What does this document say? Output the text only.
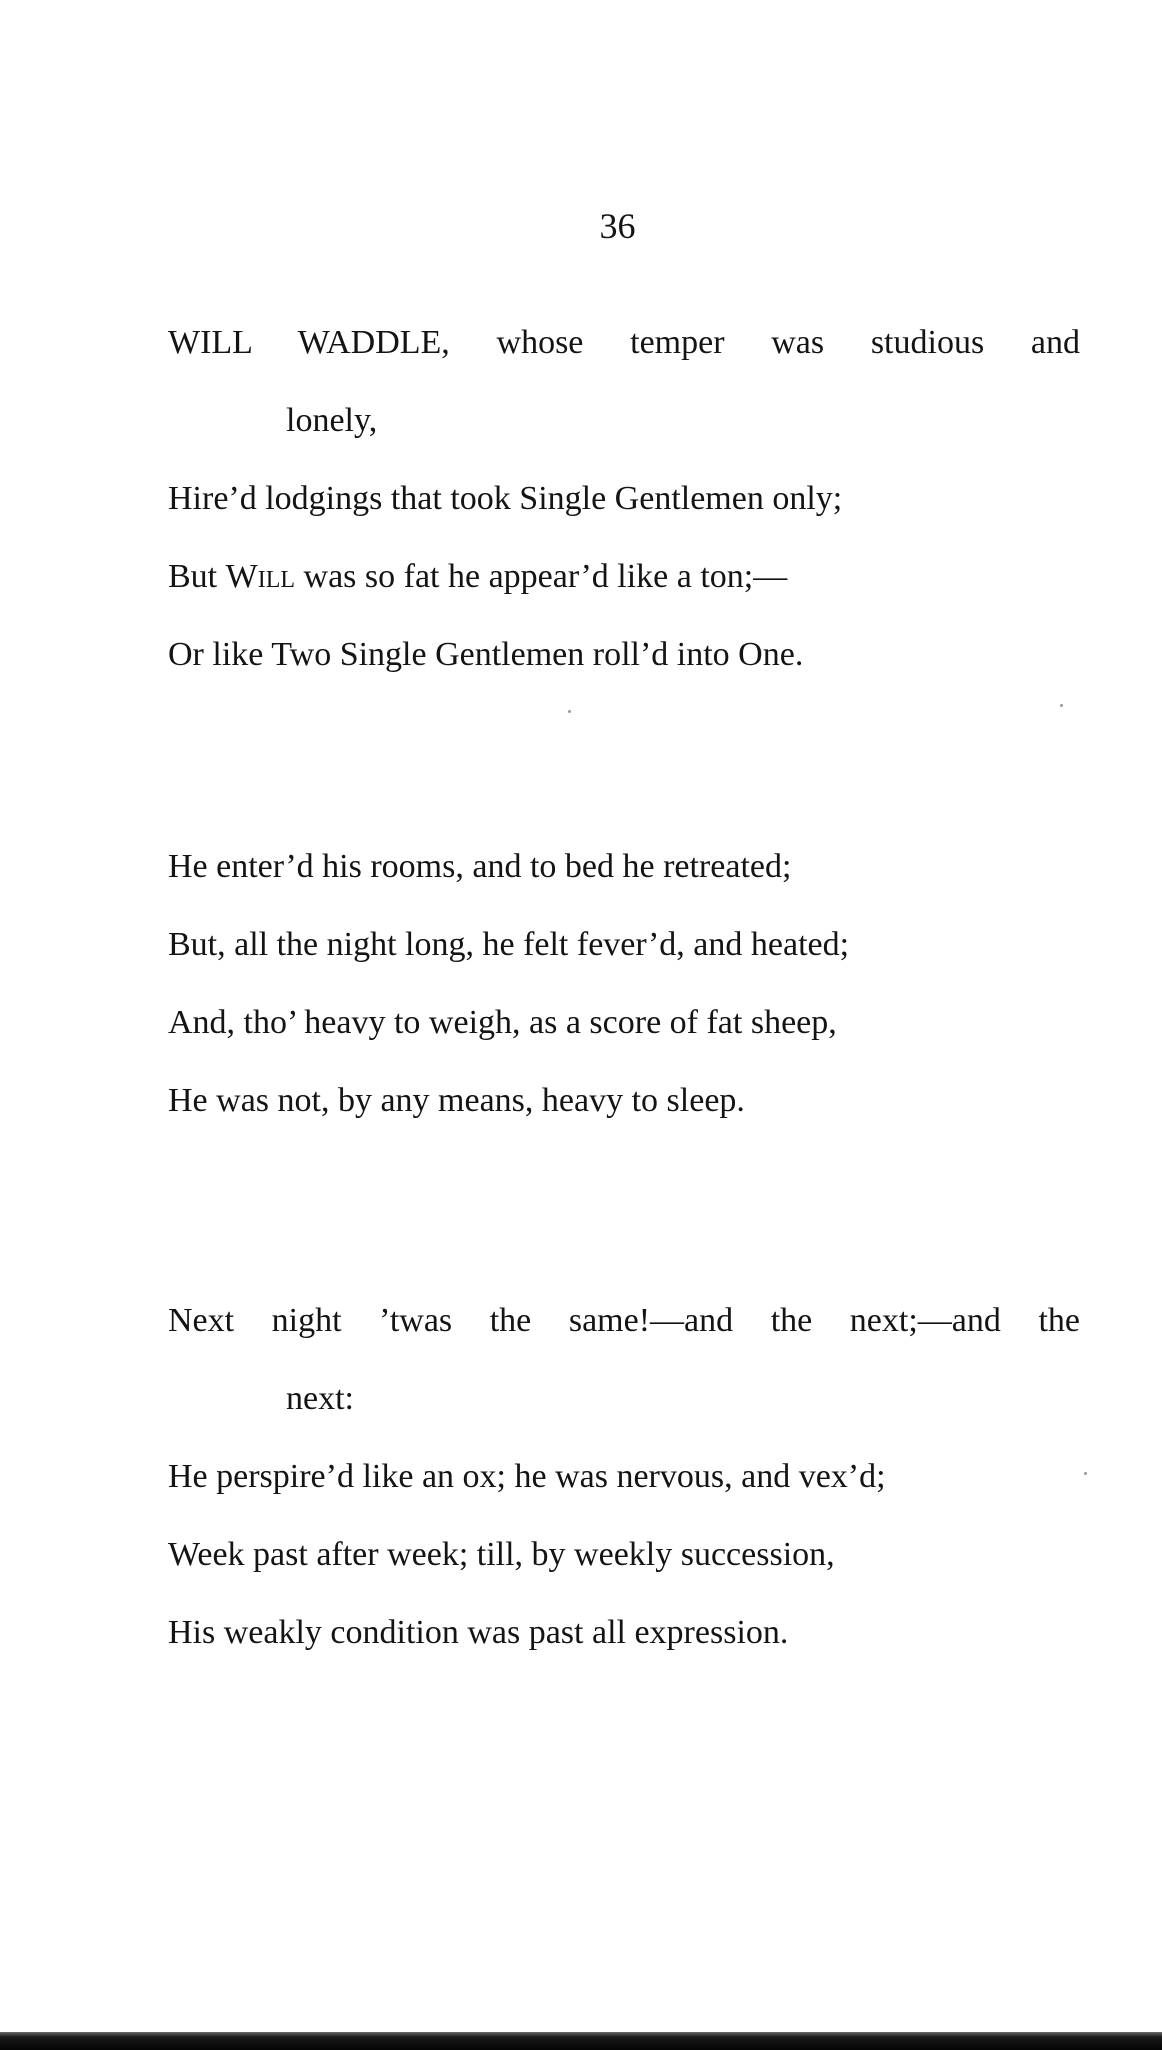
36
WILL WADDLE, whose temper was studious and
lonely,
Hire’d lodgings that took Single Gentlemen only;
But Will was so fat he appear’d like a ton;—
Or like Two Single Gentlemen roll’d into One.
He enter’d his rooms, and to bed he retreated;
But, all the night long, he felt fever’d, and heated;
And, tho’ heavy to weigh, as a score of fat sheep,
He was not, by any means, heavy to sleep.
Next night ’twas the same!—and the next;—and the
next:
He perspire’d like an ox; he was nervous, and vex’d;
Week past after week; till, by weekly succession,
His weakly condition was past all expression.
